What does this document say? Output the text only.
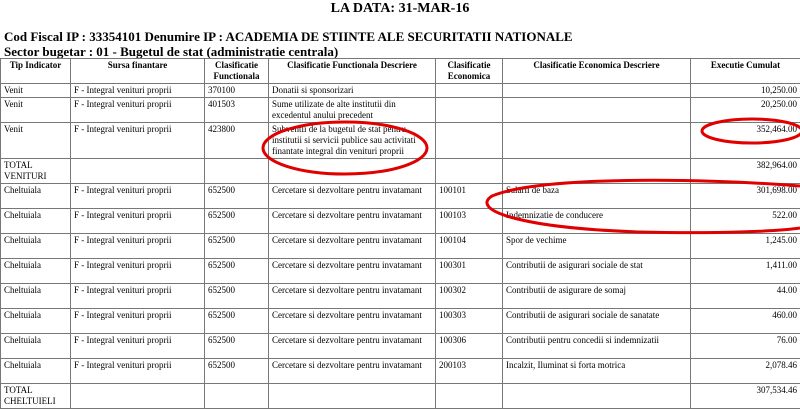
LA DATA: 31-MAR-16
Cod Fiscal IP : 33354101 Denumire IP : ACADEMIA DE STIINTE ALE SECURITATII NATIONALE
Sector bugetar : 01 - Bugetul de stat (administratie centrala)
Tip Indicator	Sursa finantare	Clasificatie Functionala	Clasificatie Functionala Descriere	Clasificatie Economica	Clasificatie Economica Descriere	Executie Cumulat
Venit	F - Integral venituri proprii	370100	Donatii si sponsorizari			10,250.00
Venit	F - Integral venituri proprii	401503	Sume utilizate de alte institutii din excedentul anului precedent			20,250.00
Venit	F - Integral venituri proprii	423800	Subventii de la bugetul de stat pentru institutii si servicii publice sau activitati finantate integral din venituri proprii			352,464.00
TOTAL VENITURI						382,964.00
Cheltuiala	F - Integral venituri proprii	652500	Cercetare si dezvoltare pentru invatamant	100101	Salarii de baza	301,698.00
Cheltuiala	F - Integral venituri proprii	652500	Cercetare si dezvoltare pentru invatamant	100103	Indemnizatie de conducere	522.00
Cheltuiala	F - Integral venituri proprii	652500	Cercetare si dezvoltare pentru invatamant	100104	Spor de vechime	1,245.00
Cheltuiala	F - Integral venituri proprii	652500	Cercetare si dezvoltare pentru invatamant	100301	Contributii de asigurari sociale de stat	1,411.00
Cheltuiala	F - Integral venituri proprii	652500	Cercetare si dezvoltare pentru invatamant	100302	Contributii de asigurare de somaj	44.00
Cheltuiala	F - Integral venituri proprii	652500	Cercetare si dezvoltare pentru invatamant	100303	Contributii de asigurari sociale de sanatate	460.00
Cheltuiala	F - Integral venituri proprii	652500	Cercetare si dezvoltare pentru invatamant	100306	Contributii pentru concedii si indemnizatii	76.00
Cheltuiala	F - Integral venituri proprii	652500	Cercetare si dezvoltare pentru invatamant	200103	Incalzit, Iluminat si forta motrica	2,078.46
TOTAL CHELTUIELI						307,534.46
